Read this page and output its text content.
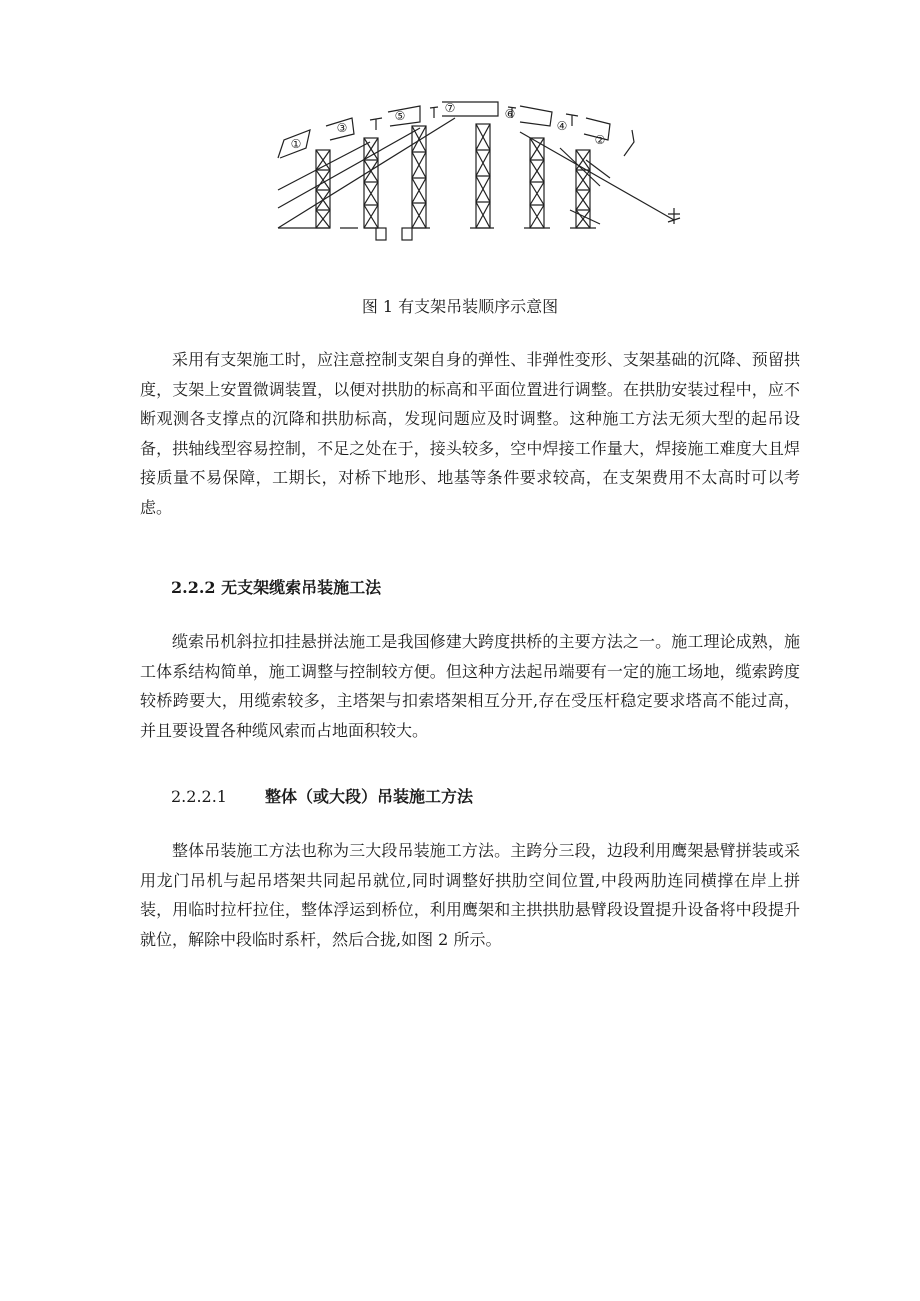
①
③
⑤
⑦	⑥
④
②
图 1 有支架吊装顺序示意图

采用有支架施工时，应注意控制支架自身的弹性、非弹性变形、支架基础的沉降、预留拱度，支架上安置微调装置，以便对拱肋的标高和平面位置进行调整。在拱肋安装过程中，应不断观测各支撑点的沉降和拱肋标高，发现问题应及时调整。这种施工方法无须大型的起吊设备，拱轴线型容易控制，不足之处在于，接头较多，空中焊接工作量大，焊接施工难度大且焊接质量不易保障，工期长，对桥下地形、地基等条件要求较高，在支架费用不太高时可以考虑。

2.2.2 无支架缆索吊装施工法

缆索吊机斜拉扣挂悬拼法施工是我国修建大跨度拱桥的主要方法之一。施工理论成熟，施工体系结构简单，施工调整与控制较方便。但这种方法起吊端要有一定的施工场地，缆索跨度较桥跨要大，用缆索较多，主塔架与扣索塔架相互分开,存在受压杆稳定要求塔高不能过高，并且要设置各种缆风索而占地面积较大。

2.2.2.1 整体（或大段）吊装施工方法

整体吊装施工方法也称为三大段吊装施工方法。主跨分三段，边段利用鹰架悬臂拼装或采用龙门吊机与起吊塔架共同起吊就位,同时调整好拱肋空间位置,中段两肋连同横撑在岸上拼装，用临时拉杆拉住，整体浮运到桥位，利用鹰架和主拱拱肋悬臂段设置提升设备将中段提升就位，解除中段临时系杆，然后合拢,如图 2 所示。
